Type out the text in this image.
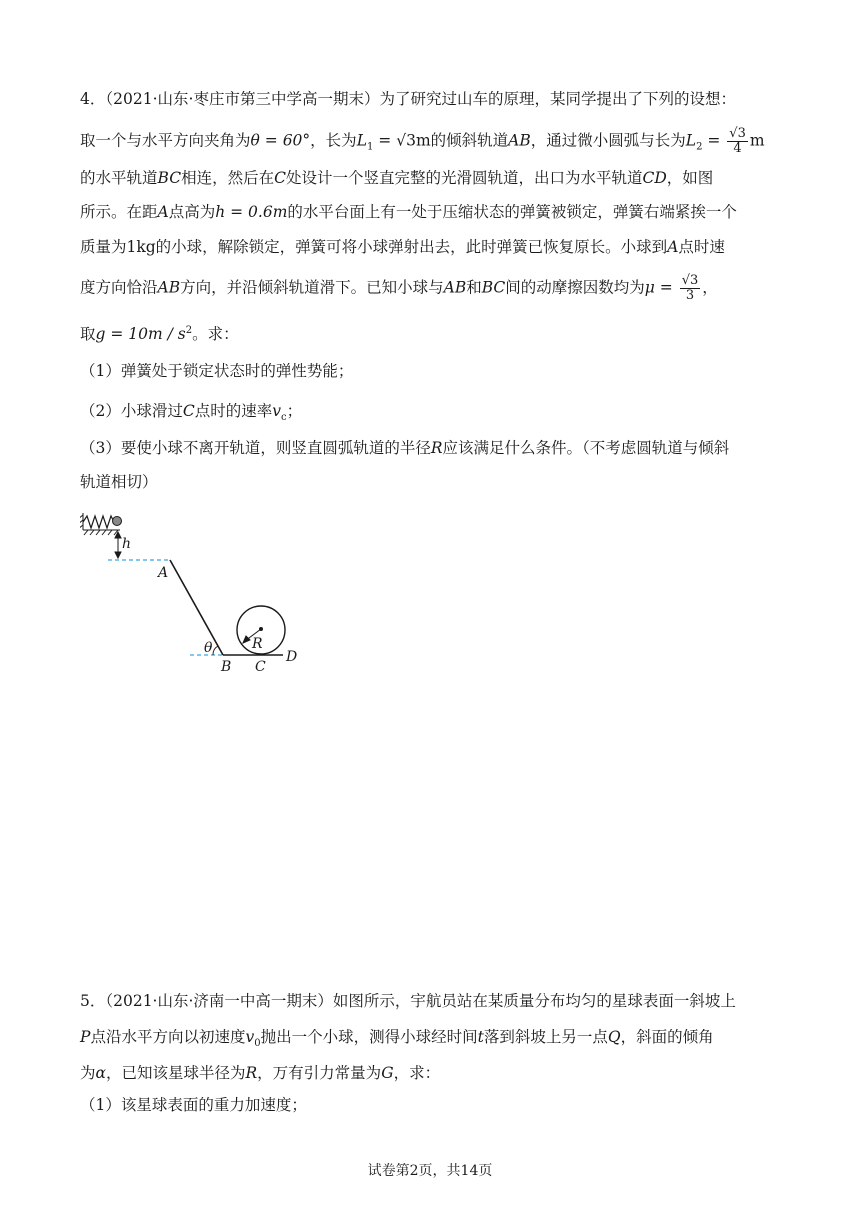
4．（2021·山东·枣庄市第三中学高一期末）为了研究过山车的原理，某同学提出了下列的设想：
取一个与水平方向夹角为θ = 60°，长为$L_1 = √3m$的倾斜轨道AB，通过微小圆弧与长为$L_2 = \frac{√3}{4}$ m
的水平轨道BC相连，然后在C处设计一个竖直完整的光滑圆轨道，出口为水平轨道CD，如图
所示。在距A点高为h = 0.6m的水平台面上有一处于压缩状态的弹簧被锁定，弹簧右端紧挨一个
质量为1kg的小球，解除锁定，弹簧可将小球弹射出去，此时弹簧已恢复原长。小球到A点时速
度方向恰沿AB方向，并沿倾斜轨道滑下。已知小球与AB和BC间的动摩擦因数均为$\mu = \frac{√3}{3}$ ，
取$g = 10m / s^2$。求：
（1）弹簧处于锁定状态时的弹性势能；
（2）小球滑过C点时的速率$v_c$；
（3）要使小球不离开轨道，则竖直圆弧轨道的半径R应该满足什么条件。（不考虑圆轨道与倾斜
轨道相切）
h
A
θ	R
B C
D
5．（2021·山东·济南一中高一期末）如图所示，宇航员站在某质量分布均匀的星球表面一斜坡上
P点沿水平方向以初速度$v_0$抛出一个小球，测得小球经时间t落到斜坡上另一点Q，斜面的倾角
为α，已知该星球半径为R，万有引力常量为G，求：
（1）该星球表面的重力加速度；
试卷第2页，共14页
